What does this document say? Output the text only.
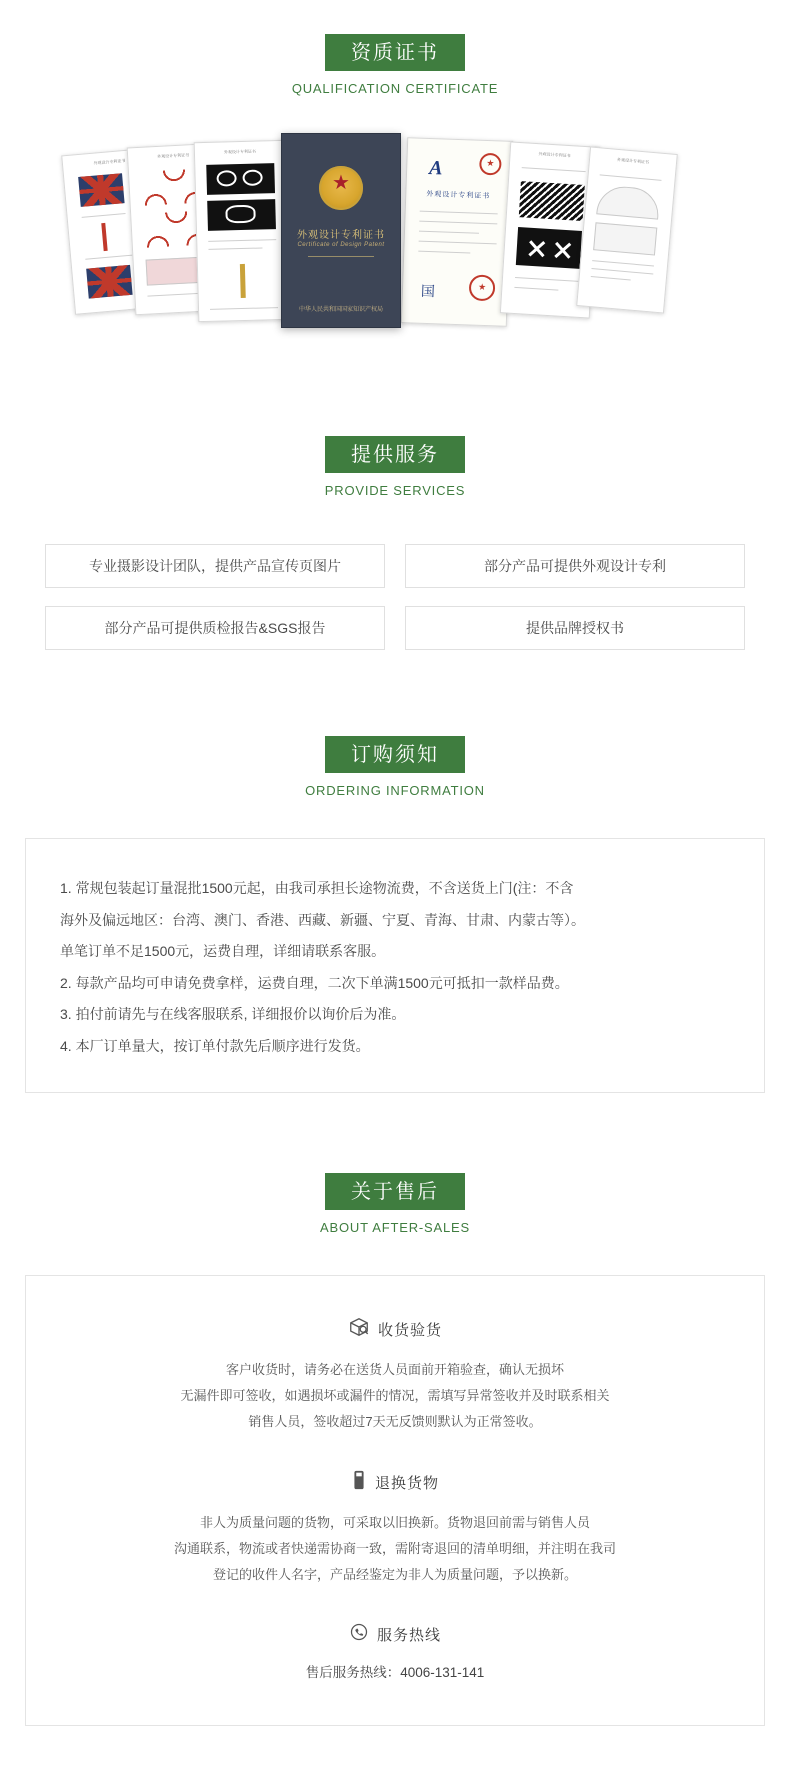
资质证书
QUALIFICATION CERTIFICATE
外观设计专利证书
外观设计专利证书
外观设计专利证书
★
外观设计专利证书
Certificate of Design Patent
中华人民共和国国家知识产权局
A
外观设计专利证书
★
国
★
外观设计专利证书
外观设计专利证书
提供服务
PROVIDE SERVICES
专业摄影设计团队，提供产品宣传页图片	部分产品可提供外观设计专利
部分产品可提供质检报告&SGS报告	提供品牌授权书
订购须知
ORDERING INFORMATION

1. 常规包装起订量混批1500元起，由我司承担长途物流费，不含送货上门(注：不含

海外及偏远地区：台湾、澳门、香港、西藏、新疆、宁夏、青海、甘肃、内蒙古等）。

单笔订单不足1500元，运费自理，详细请联系客服。

2. 每款产品均可申请免费拿样，运费自理，二次下单满1500元可抵扣一款样品费。

3. 拍付前请先与在线客服联系, 详细报价以询价后为准。

4. 本厂订单量大，按订单付款先后顺序进行发货。

关于售后
ABOUT AFTER-SALES
收货验货
客户收货时，请务必在送货人员面前开箱验查，确认无损坏
无漏件即可签收，如遇损坏或漏件的情况，需填写异常签收并及时联系相关
销售人员，签收超过7天无反馈则默认为正常签收。
退换货物
非人为质量问题的货物，可采取以旧换新。货物退回前需与销售人员
沟通联系，物流或者快递需协商一致，需附寄退回的清单明细，并注明在我司
登记的收件人名字，产品经鉴定为非人为质量问题，予以换新。
服务热线
售后服务热线：4006-131-141
